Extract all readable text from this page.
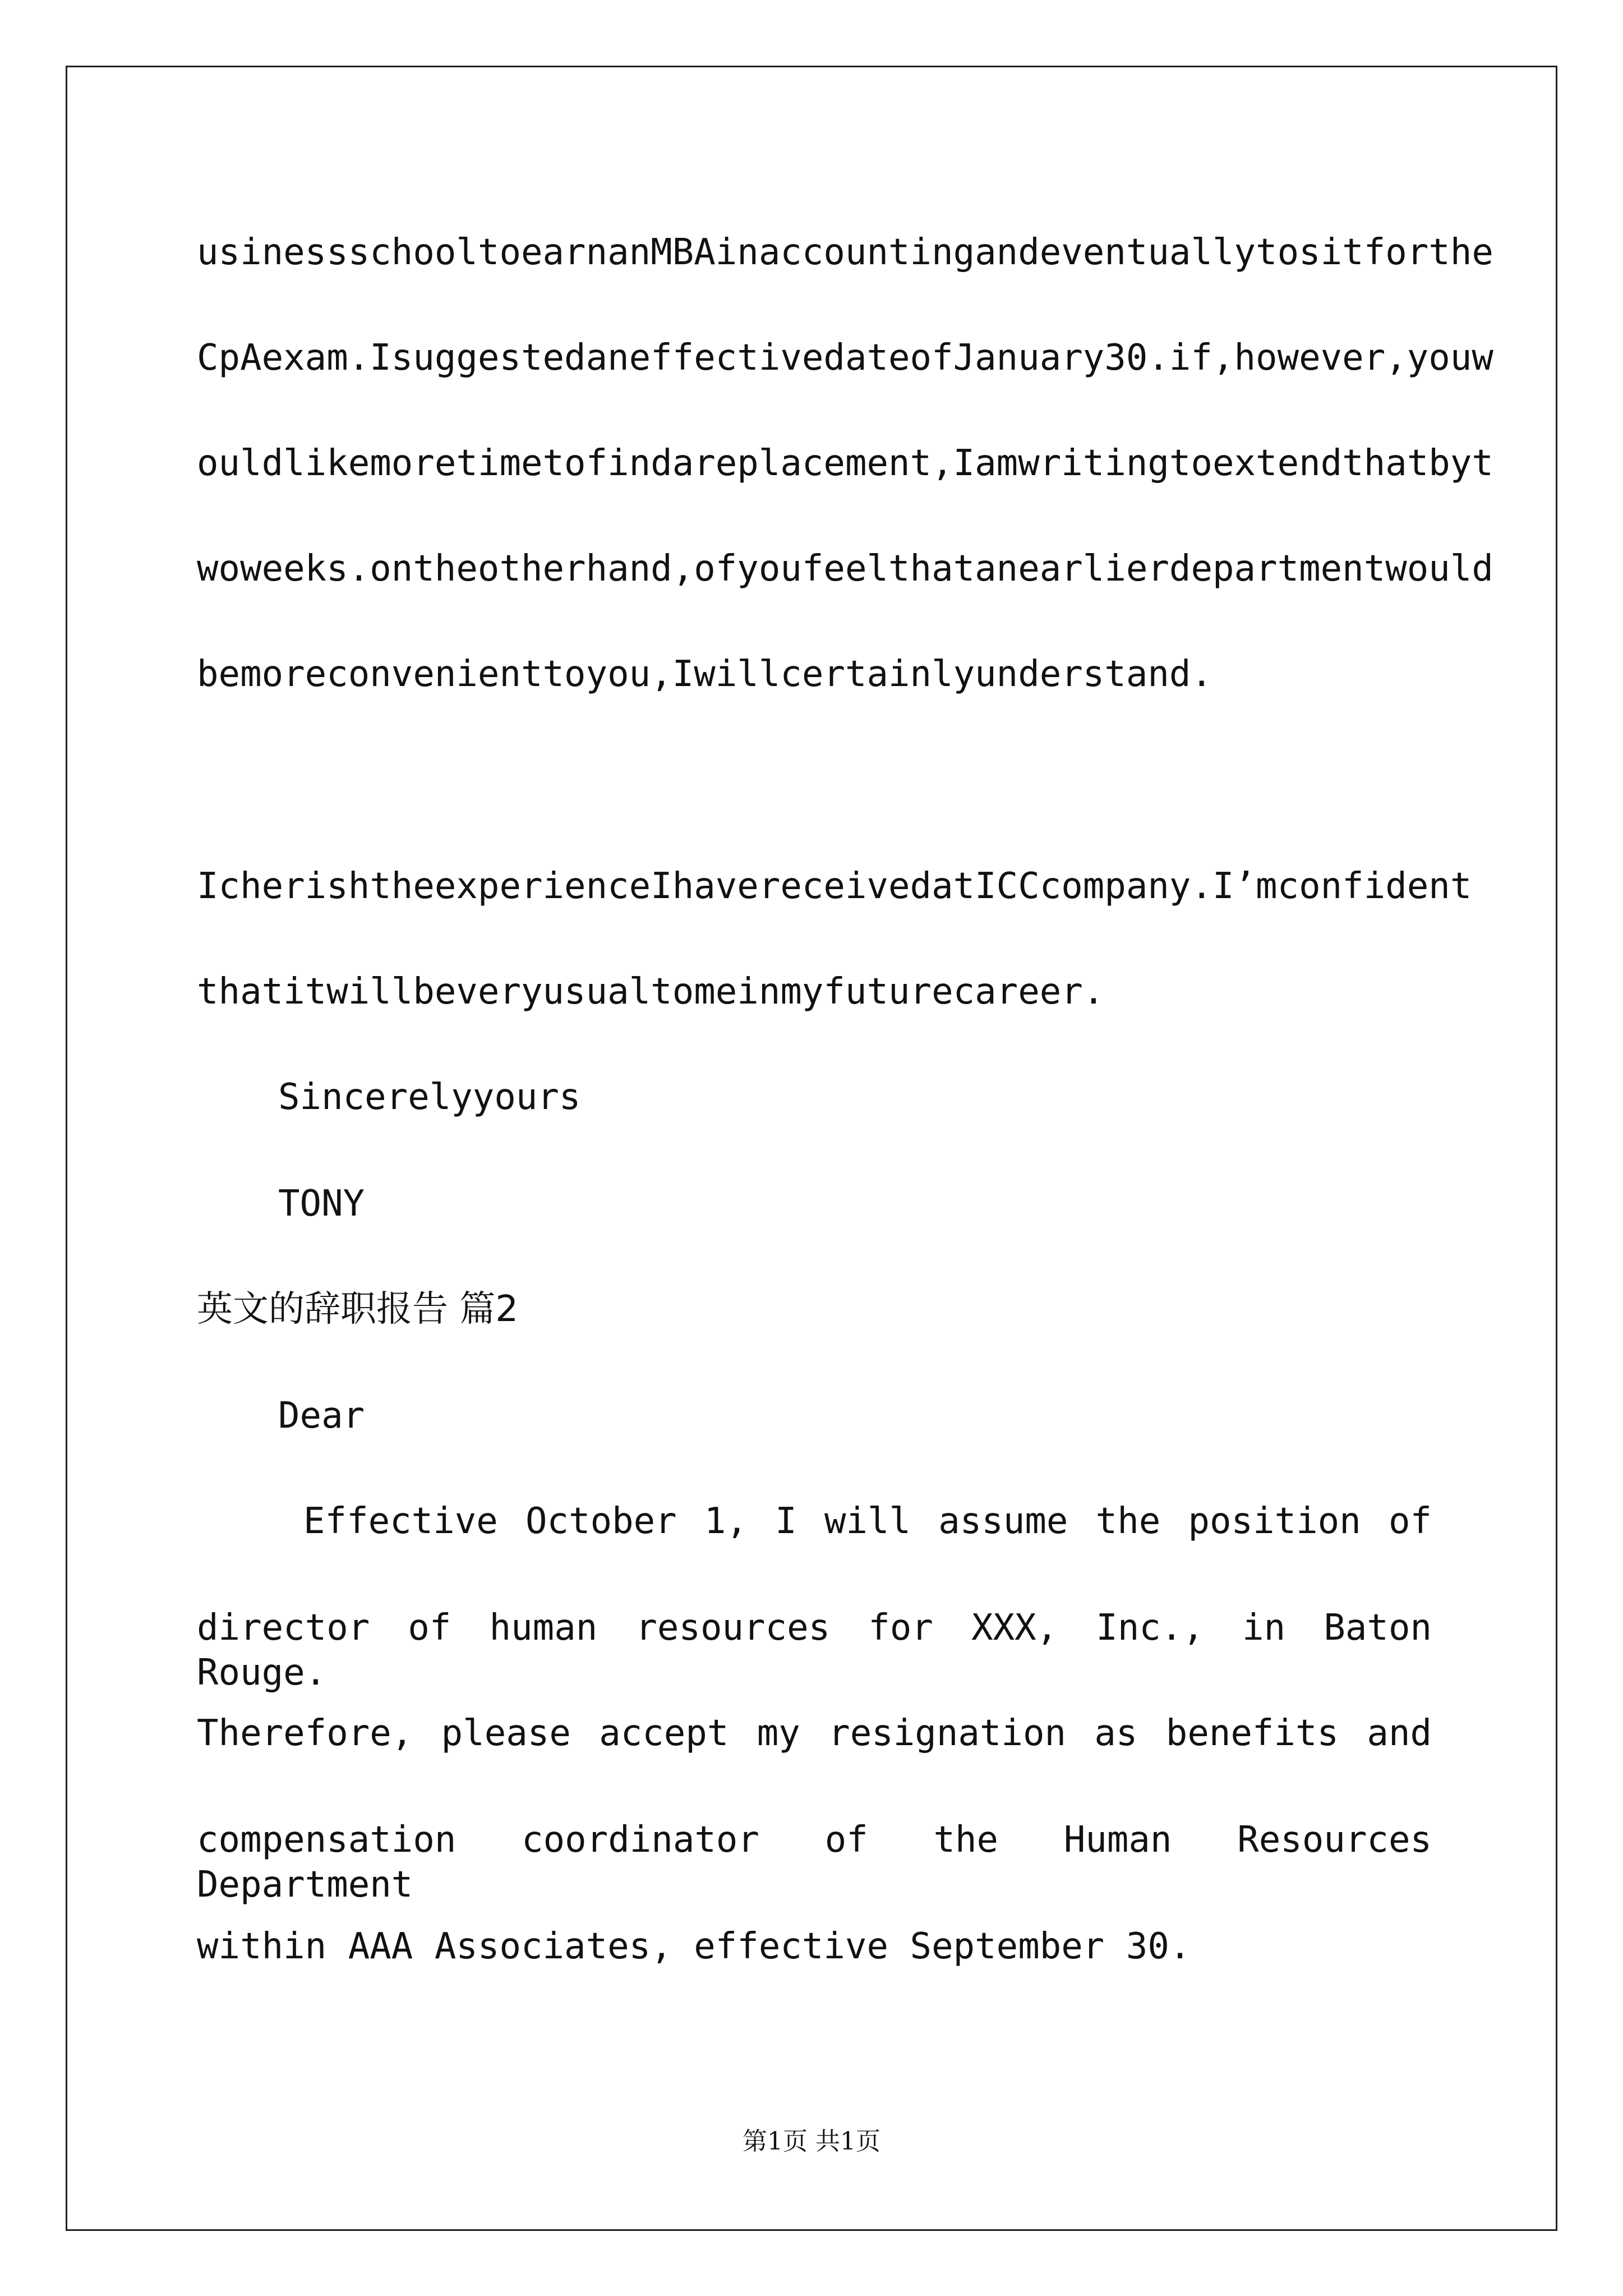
usinessschooltoearnanMBAinaccountingandeventuallytositforthe
CpAexam.IsuggestedaneffectivedateofJanuary30.if,however,youw
ouldlikemoretimetofindareplacement,Iamwritingtoextendthatbyt
woweeks.ontheotherhand,ofyoufeelthatanearlierdepartmentwould
bemoreconvenienttoyou,Iwillcertainlyunderstand.
IcherishtheexperienceIhavereceivedatICCcompany.I’mconfident
thatitwillbeveryusualtomeinmyfuturecareer.
Sincerelyyours
TONY
英文的辞职报告 篇2
Dear
Effective October 1, I will assume the position of
director of human resources for XXX, Inc., in Baton Rouge.
Therefore, please accept my resignation as benefits and
compensation coordinator of the Human Resources Department
within AAA Associates, effective September 30.
第1页 共1页
